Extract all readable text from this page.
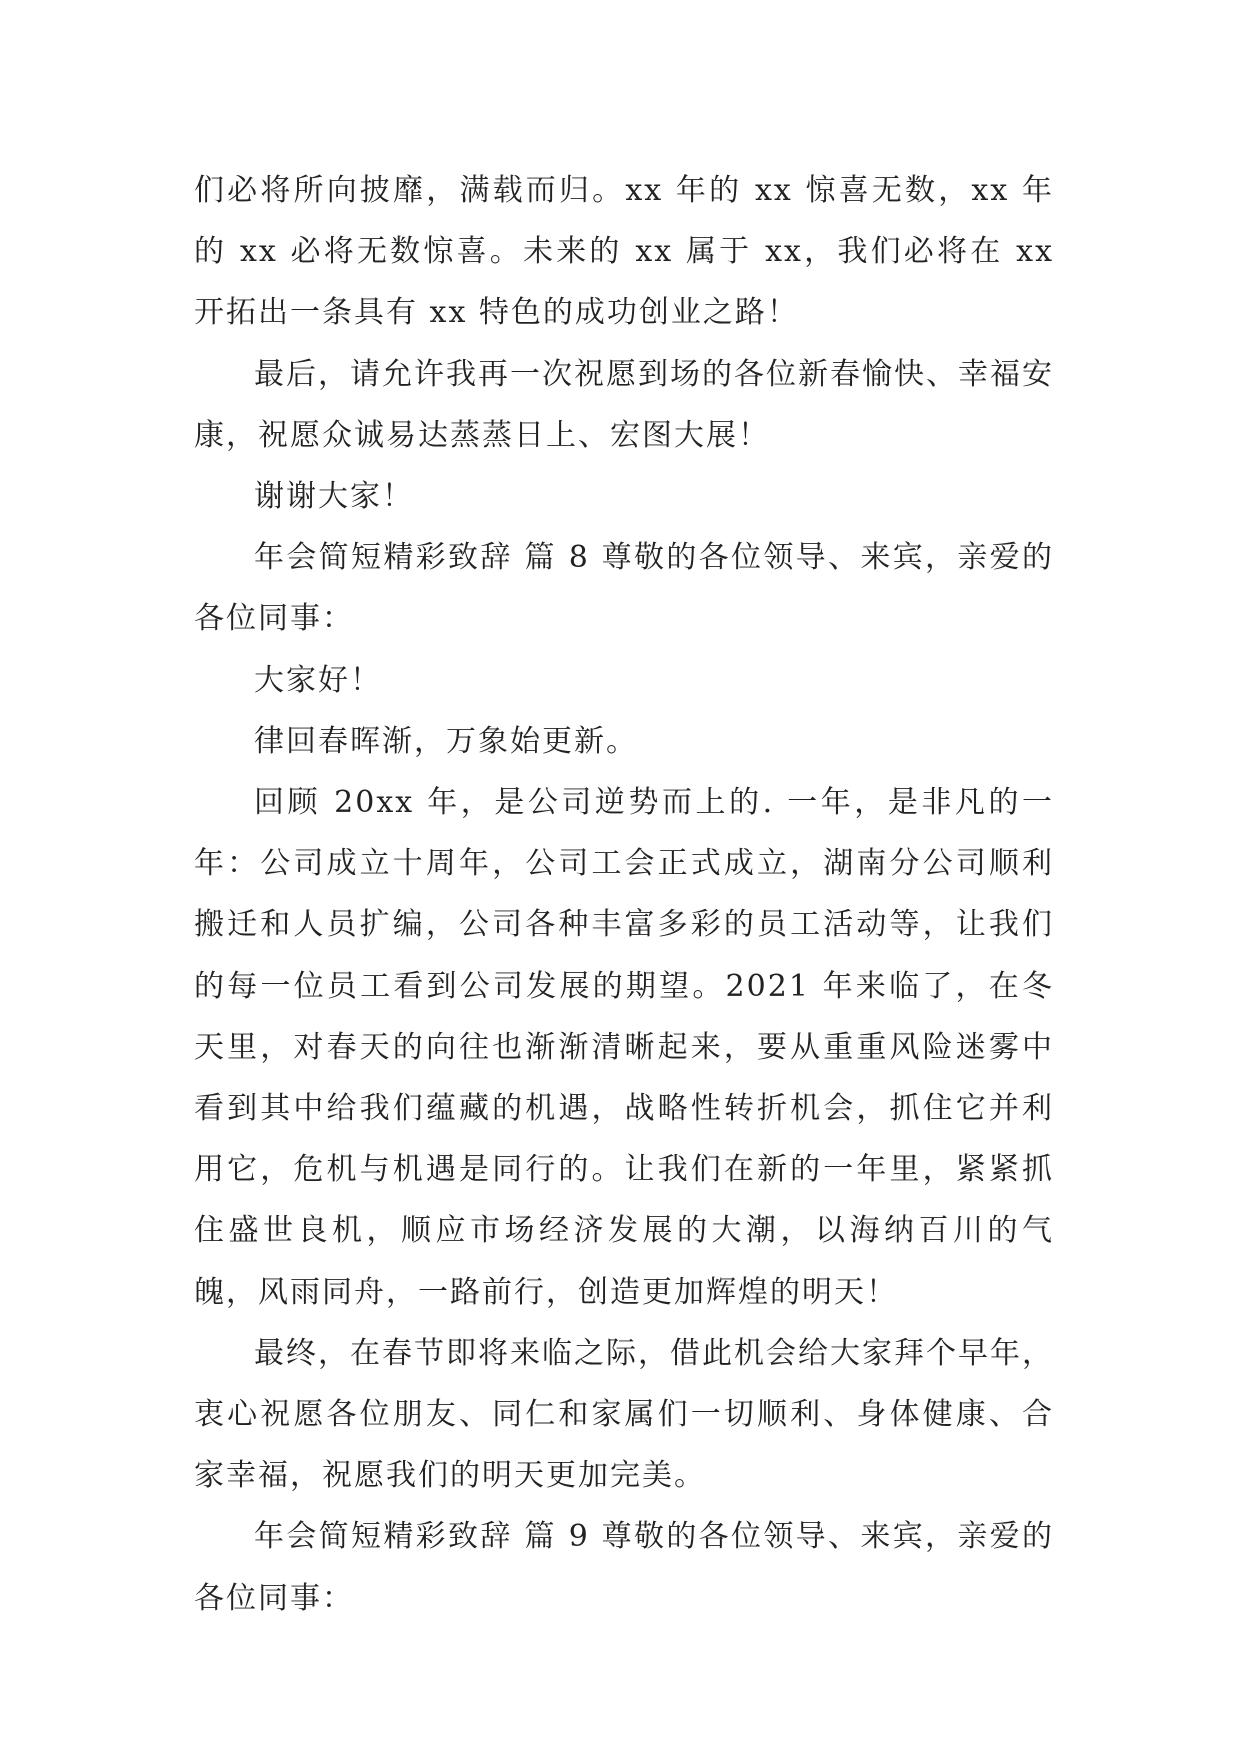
们必将所向披靡，满载而归。xx 年的 xx 惊喜无数，xx 年的 xx 必将无数惊喜。未来的 xx 属于 xx，我们必将在 xx 开拓出一条具有 xx 特色的成功创业之路！

最后，请允许我再一次祝愿到场的各位新春愉快、幸福安康，祝愿众诚易达蒸蒸日上、宏图大展！

谢谢大家！

年会简短精彩致辞 篇 8 尊敬的各位领导、来宾，亲爱的各位同事：

大家好！

律回春晖渐，万象始更新。

回顾 20xx 年，是公司逆势而上的. 一年，是非凡的一年：公司成立十周年，公司工会正式成立，湖南分公司顺利搬迁和人员扩编，公司各种丰富多彩的员工活动等，让我们的每一位员工看到公司发展的期望。2021 年来临了，在冬天里，对春天的向往也渐渐清晰起来，要从重重风险迷雾中看到其中给我们蕴藏的机遇，战略性转折机会，抓住它并利用它，危机与机遇是同行的。让我们在新的一年里，紧紧抓住盛世良机，顺应市场经济发展的大潮，以海纳百川的气魄，风雨同舟，一路前行，创造更加辉煌的明天！

最终，在春节即将来临之际，借此机会给大家拜个早年，衷心祝愿各位朋友、同仁和家属们一切顺利、身体健康、合家幸福，祝愿我们的明天更加完美。

年会简短精彩致辞 篇 9 尊敬的各位领导、来宾，亲爱的各位同事：
